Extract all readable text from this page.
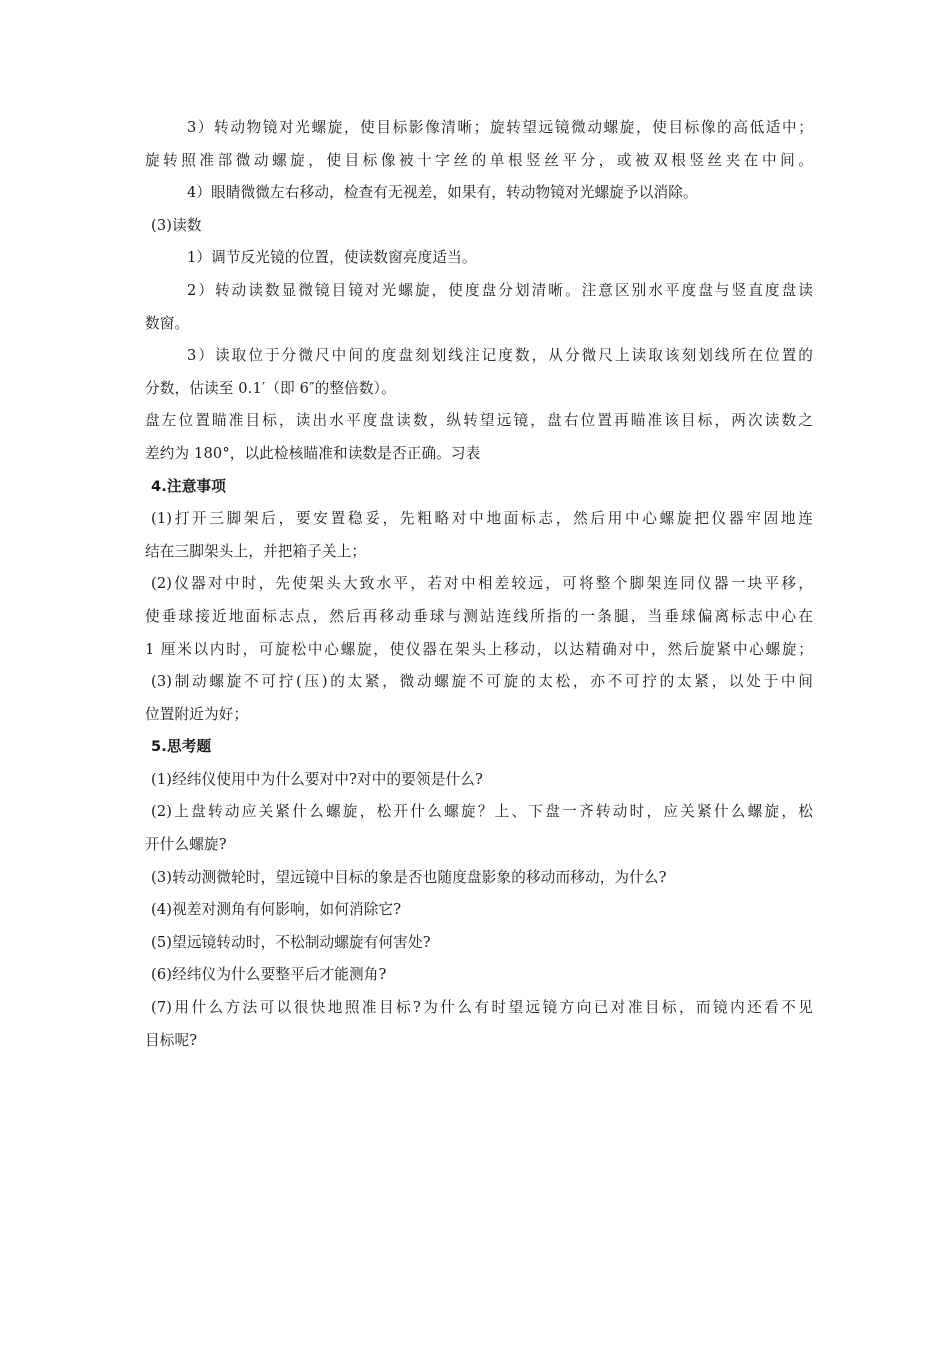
3）转动物镜对光螺旋，使目标影像清晰；旋转望远镜微动螺旋，使目标像的高低适中；
旋转照准部微动螺旋，使目标像被十字丝的单根竖丝平分，或被双根竖丝夹在中间。
4）眼睛微微左右移动，检查有无视差，如果有，转动物镜对光螺旋予以消除。
(3)读数
1）调节反光镜的位置，使读数窗亮度适当。
2）转动读数显微镜目镜对光螺旋，使度盘分划清晰。注意区别水平度盘与竖直度盘读
数窗。
3）读取位于分微尺中间的度盘刻划线注记度数，从分微尺上读取该刻划线所在位置的
分数，估读至 0.1′（即 6″的整倍数）。
盘左位置瞄准目标，读出水平度盘读数，纵转望远镜，盘右位置再瞄准该目标，两次读数之
差约为 180°，以此检核瞄准和读数是否正确。习表
4.注意事项
(1)打开三脚架后，要安置稳妥，先粗略对中地面标志，然后用中心螺旋把仪器牢固地连
结在三脚架头上，并把箱子关上；
(2)仪器对中时，先使架头大致水平，若对中相差较远，可将整个脚架连同仪器一块平移，
使垂球接近地面标志点，然后再移动垂球与测站连线所指的一条腿，当垂球偏离标志中心在
1 厘米以内时，可旋松中心螺旋，使仪器在架头上移动，以达精确对中，然后旋紧中心螺旋；
(3)制动螺旋不可拧(压)的太紧，微动螺旋不可旋的太松，亦不可拧的太紧，以处于中间
位置附近为好；
5.思考题
(1)经纬仪使用中为什么要对中?对中的要领是什么?
(2)上盘转动应关紧什么螺旋，松开什么螺旋？上、下盘一齐转动时，应关紧什么螺旋，松
开什么螺旋?
(3)转动测微轮时，望远镜中目标的象是否也随度盘影象的移动而移动，为什么?
(4)视差对测角有何影响，如何消除它?
(5)望远镜转动时，不松制动螺旋有何害处?
(6)经纬仪为什么要整平后才能测角?
(7)用什么方法可以很快地照准目标?为什么有时望远镜方向已对准目标，而镜内还看不见
目标呢?
